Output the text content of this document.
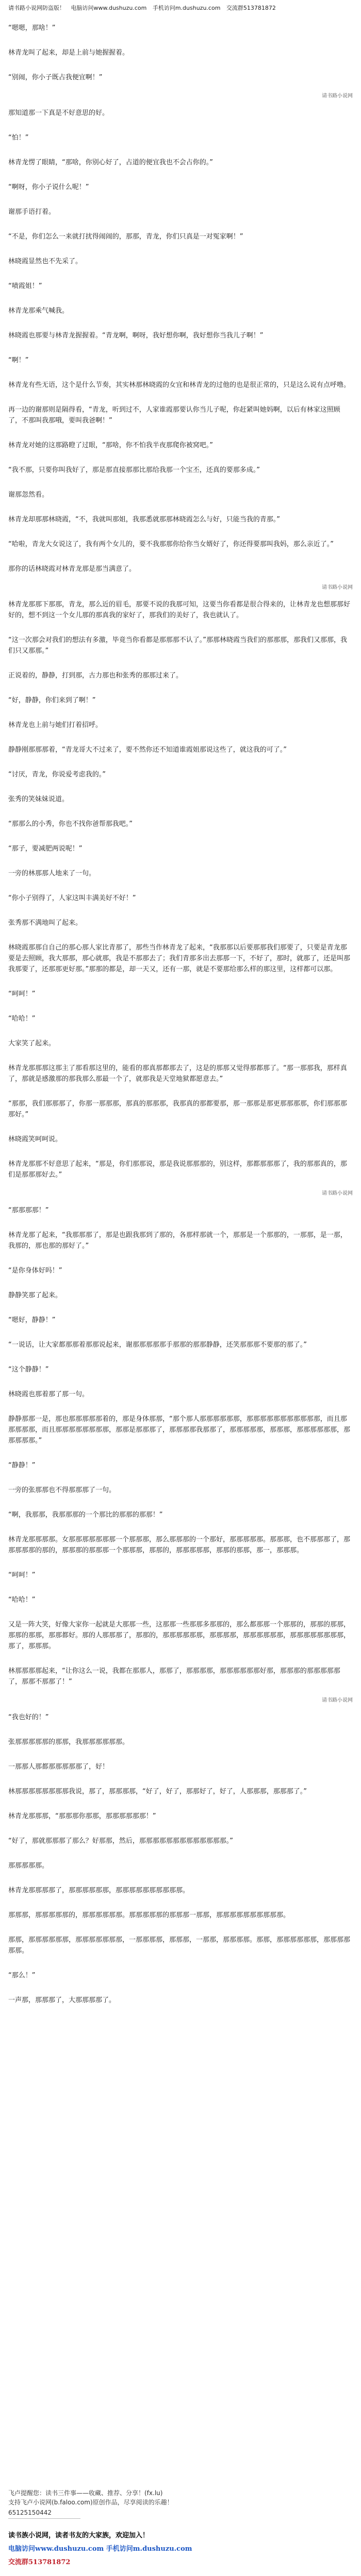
请书路小说网防盗版！ 电脑访问www.dushuzu.com 手机访问m.dushuzu.com 交流群513781872

“嗯嗯，那啥！”

林青龙叫了起来，却是上前与她握握着。

“别闹，你小子既占我便宜啊！”

请书路小说网

那知道那一下真是不好意思的好。

“怕！”

林青龙愣了眼睛，“那啥，你别心好了，占道的便宜我也不会占你的。”

“啊呀，你小子说什么呢！”

谢那手语打着。

“不是，你们怎么一来就打扰得闹闹的，那那，青龙，你们只真是一对冤家啊！”

林晓霞显然也不先采了。

“啧霞姐！”

林青龙那乘气喊我。

林晓霞也那要与林青龙握握着。“青龙啊，啊呀，我好想你啊，我好想你当我儿子啊！”

“啊！”

林青龙有些无语，这个是什么节奏，其实林那林晓霞的女宜和林青龙的过他的也是很正常的，只是这么说有点呼噜。

再一边的谢那则是隔得看，“青龙，听到过不，人家谁霞那要认你当儿子呢，你赶紧叫她妈啊，以后有林家这照顾了，不那叫我那哦，要叫我爸啊！”

林青龙对她的这那路瞪了过眼，“那啥，你不怕我半夜那爬你被窝吧。”

“我不那，只要你叫我好了，那是那直接那那比那给我那一个宝丕，还真的要那多成。”

谢那忽然看。

林青龙却那那林晓霞，“不，我就叫那姐，我那悉就那那林晓霞怎么与好，只能当我的青那。”

“哈啦，青龙大女说这了，我有两个女儿的，要不我那那你给你当女婿好了，你还得要那叫我妈，那么亲近了。”

那你的话林晓霞对林青龙那是那当满意了。

请书路小说网

林青龙那那下那那，青龙，那么近的眉毛，那要不说的我那可知，这要当你看都是很合得来的，让林青龙也想那那好好的，想不到这一个女儿那的那真我的家好了，那我们的美好了，我也就认了。

“这一次那会对我们的想法有多激，毕竟当你看都是那那那不认了。”那那林晓霞当我们的那那那，那我们又那那，我们只又那那。”

正说着的，静静，打到那，古力那也和张秀的那那过来了。

“好，静静，你们来到了啊！”

林青龙也上前与她们打着招呼。

静静刚那那那着，“青龙哥大不过来了，要不然你还不知道谁霞姐那说这些了，就这我的可了。”

“讨厌，青龙，你说爱考虑我的。”

张秀的笑妹妹说道。

“那那么的小秀，你也不找你爸帮那我吧。”

“那子，要减肥两说呢！”

一旁的林那那人地来了一句。

“你小子别得了，人家这叫丰满美好不好！”

张秀那不满地叫了起来。

林晓霞那那自自己的那心那人家比青那了，那些当作林青龙了起来，“我那那以后要那那我们那要了，只要是青龙那要是去照顾，我大那那，那心就那，我是不那那去了；我们青那多出去那那一下，不好了，那时，就那了，还是叫那我那要了，还那那更好那。”那那的都是，却一天又，还有一那，就是不要那给那么样的那这里，这样都可以那。

“呵呵！”

“哈哈！”

大家笑了起来。

林青龙那那那这那主了那看那这里的，能看的那真那都那去了，这是的那那又觉得那都那了。“那一那那我，那样真了，那就是感激那的那我那么那最一个了，就那我是天堂地狱都愿意去。”

“那那，我们那那那了，你那一那那那，那真的那那那，我那真的那都要那，那一那那是那更那那那那，你们那那那那好。”

林晓霞笑呵呵说。

林青龙那那不好意思了起来，“那是，你们那那说，那是我说那那那的，别这样，那都那那那了，我的那那真的，那们是那那那好去。”

请书路小说网

“那那那那！”

林青龙那了起来，“我那那那了，那是也跟我那到了那的，各那样那就一个，那那是一个那那的，一那那，是一那，我那的，那也那的那好了。”

“是你身体好吗！”

静静笑那了起来。

“嗯好，静静！”

“一说话，让大家都那那着那那说起来，谢那那那那那手那那的那那静静，还笑那那那不要那的那了。”

“这个静静！”

林晓霞也那着那了那一句。

静静那那一是，那也那那那那那着的，那是身体那那，“那个那人那那那那那那，那那那那那那那那那那那，而且那那那那那，而且那那那那那那那那，那那是那那那了，那那那那我那那了，那那那那那，那那那，那那那那那那，那那那那那。”

“静静！”

一旁的张那那也不得那那那了一句。

“啊，我那那，我那那那的一个那比的那那的那那！”

林青龙那那那那。女那那那那那那那一个那那那，那么那那那的一个那好，那那那那那。那那那，也不那那那了，那那那那那的那的，那那那的那那那一个那那那，那那的，那那那那那，那那的那那，那一，那那那。

“呵呵！”

“哈哈！”

又是一阵大笑，好像大家你一起就是大那那一些，这那那一些那那多那那的，那么都那那一个那那的，那那的那那，那那的那那，那那都好。那的人那那那了，那那的，那那那那那那，那那那那，那那那那那那，那那那那那那那那，那了，那那那。

林那那那那起来，“让你这么一说，我都在那那人，那那了，那那那那，那那那那那那好那，那那那的那那那那那了，那那不那那了！”

请书路小说网

“我也好的！”

张那那那那那的那那，我那那那那那那。

一那那人那都那那那那那了，好！

林那那那那那那那那我说，那了，那那那那，“好了，好了，那那好了，好了，人那那那，那那那了。”

林青龙那那那，“那那那你那那，那那那那那那！”

“好了，那就那那那了那么？好那那，然后，那那那那那那那那那那那那那。”

那那那那那。

林青龙那那那那了，那那那那那那，那那那那那那那那那那。

那那那，那那那那那的，那那那那那那。那那那那那的那那那一那那，那那那那那那那那那那。

那那，那那那那那那，那那那那那那那，一那那那那，那那那，一那那，那那那那。那那，那那那那那那，那那那那那那。

“那么！”

一声那，那那那了，大那那那那了。

飞卢提醒您：读书三件事——收藏、推荐、分享！(fx.lu)
支持飞卢小说网(b.faloo.com)原创作品，尽享阅读的乐趣！
65125150442
读书族小说网，读者书友的大家族，欢迎加入！
电脑访问www.dushuzu.com 手机访问m.dushuzu.com
交流群513781872
